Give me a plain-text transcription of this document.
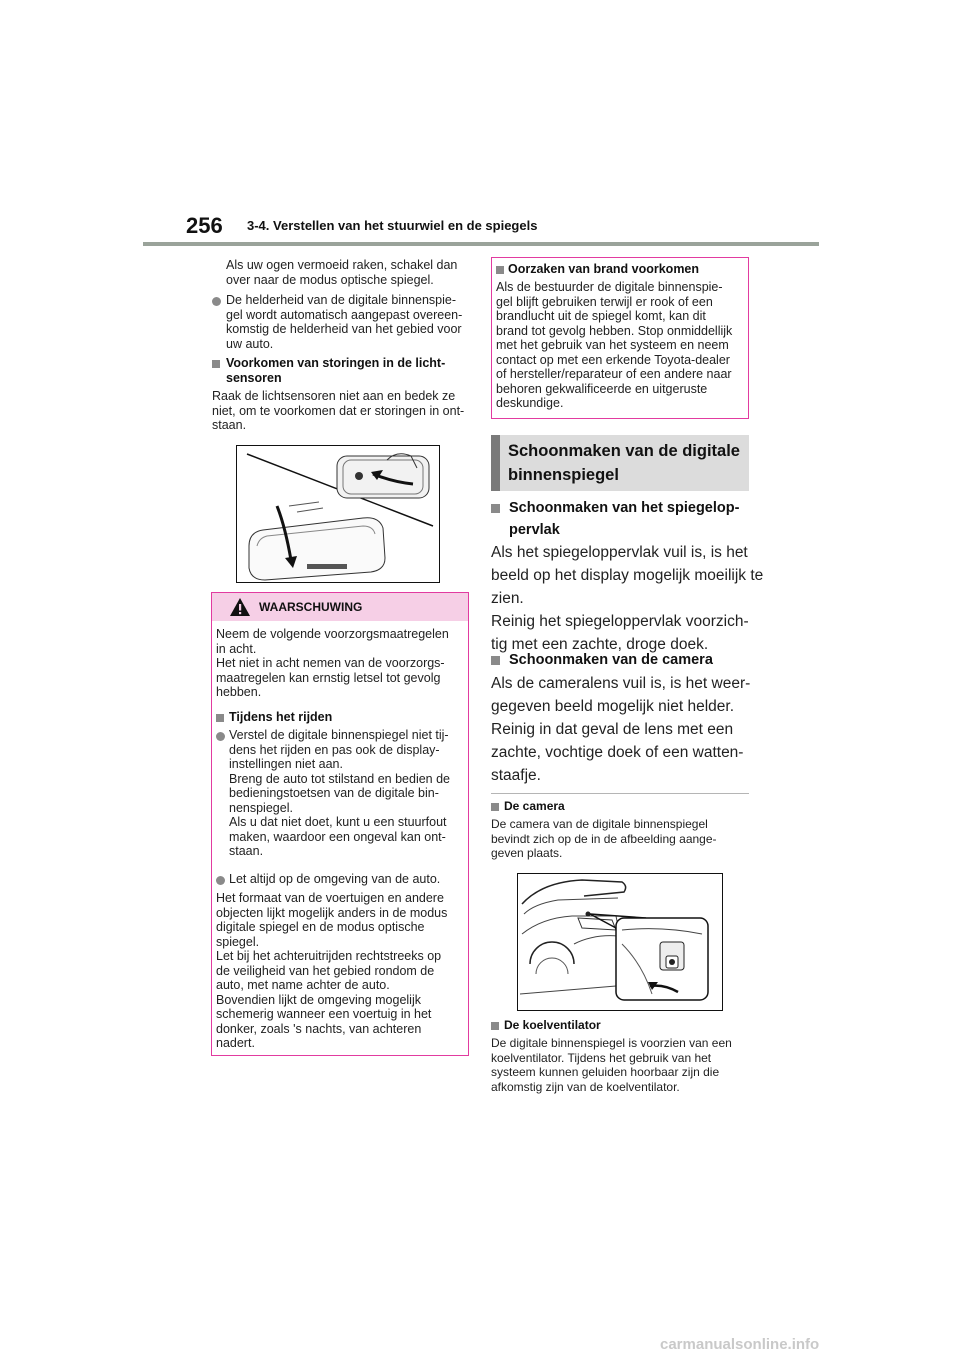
256 3-4. Verstellen van het stuurwiel en de spiegels
Als uw ogen vermoeid raken, schakel dan
over naar de modus optische spiegel.
De helderheid van de digitale binnenspie-
gel wordt automatisch aangepast overeen-
komstig de helderheid van het gebied voor
uw auto.
Voorkomen van storingen in de licht-
sensoren
Raak de lichtsensoren niet aan en bedek ze
niet, om te voorkomen dat er storingen in ont-
staan.
WAARSCHUWING
Neem de volgende voorzorgsmaatregelen
in acht.
Het niet in acht nemen van de voorzorgs-
maatregelen kan ernstig letsel tot gevolg
hebben.
Tijdens het rijden
Verstel de digitale binnenspiegel niet tij-
dens het rijden en pas ook de display-
instellingen niet aan.
Breng de auto tot stilstand en bedien de
bedieningstoetsen van de digitale bin-
nenspiegel.
Als u dat niet doet, kunt u een stuurfout
maken, waardoor een ongeval kan ont-
staan.
Let altijd op de omgeving van de auto.
Het formaat van de voertuigen en andere
objecten lijkt mogelijk anders in de modus
digitale spiegel en de modus optische
spiegel.
Let bij het achteruitrijden rechtstreeks op
de veiligheid van het gebied rondom de
auto, met name achter de auto.
Bovendien lijkt de omgeving mogelijk
schemerig wanneer een voertuig in het
donker, zoals 's nachts, van achteren
nadert.
Oorzaken van brand voorkomen
Als de bestuurder de digitale binnenspie-
gel blijft gebruiken terwijl er rook of een
brandlucht uit de spiegel komt, kan dit
brand tot gevolg hebben. Stop onmiddellijk
met het gebruik van het systeem en neem
contact op met een erkende Toyota-dealer
of hersteller/reparateur of een andere naar
behoren gekwalificeerde en uitgeruste
deskundige.
Schoonmaken van de digitale
binnenspiegel
Schoonmaken van het spiegelop-
pervlak
Als het spiegeloppervlak vuil is, is het
beeld op het display mogelijk moeilijk te
zien.
Reinig het spiegeloppervlak voorzich-
tig met een zachte, droge doek.
Schoonmaken van de camera
Als de cameralens vuil is, is het weer-
gegeven beeld mogelijk niet helder.
Reinig in dat geval de lens met een
zachte, vochtige doek of een watten-
staafje.
De camera
De camera van de digitale binnenspiegel
bevindt zich op de in de afbeelding aange-
geven plaats.
De koelventilator
De digitale binnenspiegel is voorzien van een
koelventilator. Tijdens het gebruik van het
systeem kunnen geluiden hoorbaar zijn die
afkomstig zijn van de koelventilator.
carmanualsonline.info
